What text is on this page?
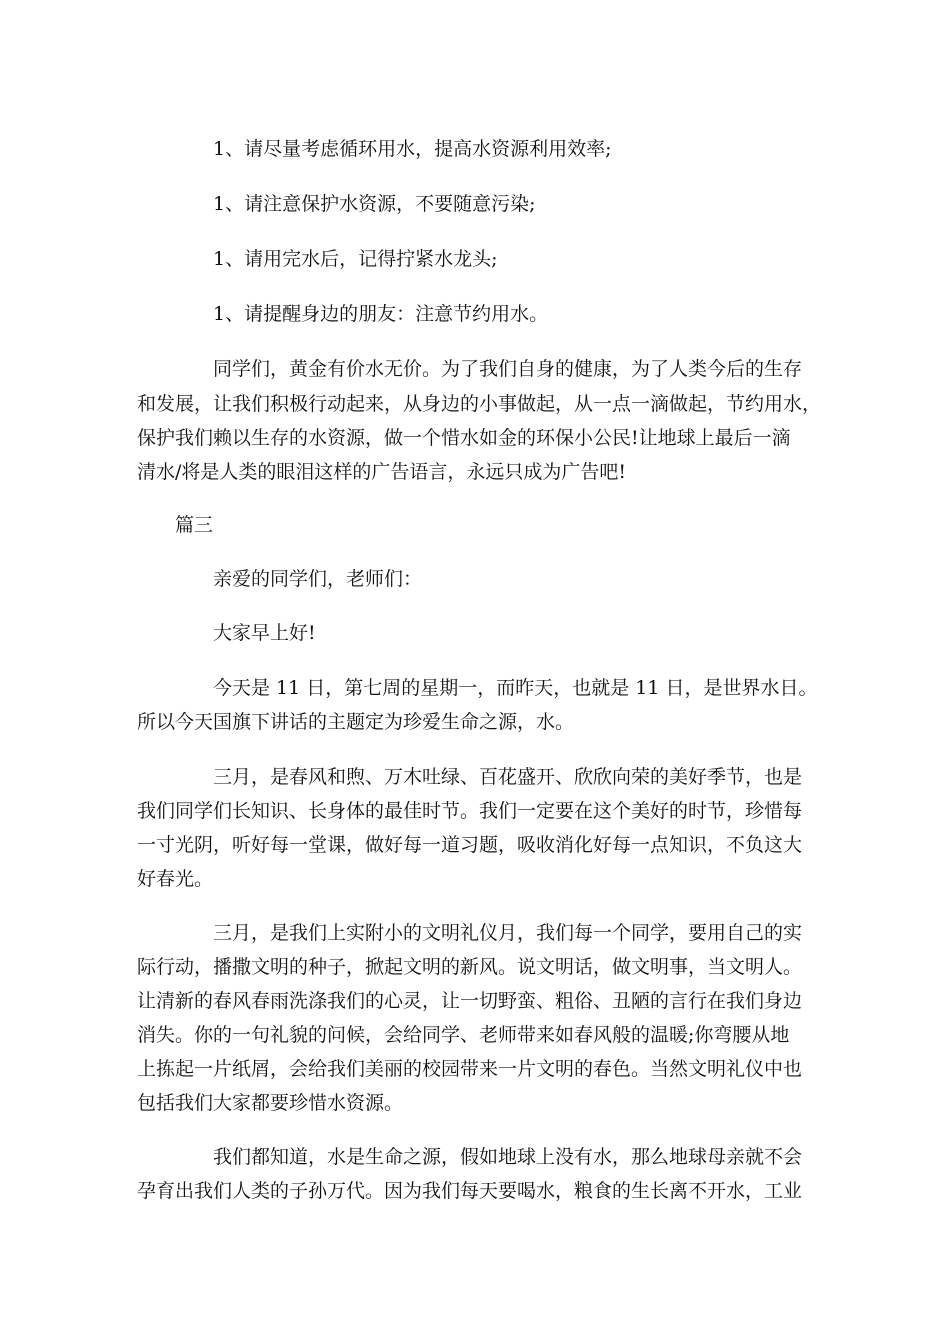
　　　　1、请尽量考虑循环用水，提高水资源利用效率;

　　　　1、请注意保护水资源，不要随意污染;

　　　　1、请用完水后，记得拧紧水龙头;

　　　　1、请提醒身边的朋友：注意节约用水。

　　　　同学们，黄金有价水无价。为了我们自身的健康，为了人类今后的生存

和发展，让我们积极行动起来，从身边的小事做起，从一点一滴做起，节约用水，

保护我们赖以生存的水资源，做一个惜水如金的环保小公民!让地球上最后一滴

清水/将是人类的眼泪这样的广告语言，永远只成为广告吧!

　　篇三

　　　　亲爱的同学们，老师们：

　　　　大家早上好!

　　　　今天是 11 日，第七周的星期一，而昨天，也就是 11 日，是世界水日。

所以今天国旗下讲话的主题定为珍爱生命之源，水。

　　　　三月，是春风和煦、万木吐绿、百花盛开、欣欣向荣的美好季节，也是

我们同学们长知识、长身体的最佳时节。我们一定要在这个美好的时节，珍惜每

一寸光阴，听好每一堂课，做好每一道习题，吸收消化好每一点知识，不负这大

好春光。

　　　　三月，是我们上实附小的文明礼仪月，我们每一个同学，要用自己的实

际行动，播撒文明的种子，掀起文明的新风。说文明话，做文明事，当文明人。

让清新的春风春雨洗涤我们的心灵，让一切野蛮、粗俗、丑陋的言行在我们身边

消失。你的一句礼貌的问候，会给同学、老师带来如春风般的温暖;你弯腰从地

上拣起一片纸屑，会给我们美丽的校园带来一片文明的春色。当然文明礼仪中也

包括我们大家都要珍惜水资源。

　　　　我们都知道，水是生命之源，假如地球上没有水，那么地球母亲就不会

孕育出我们人类的子孙万代。因为我们每天要喝水，粮食的生长离不开水，工业
